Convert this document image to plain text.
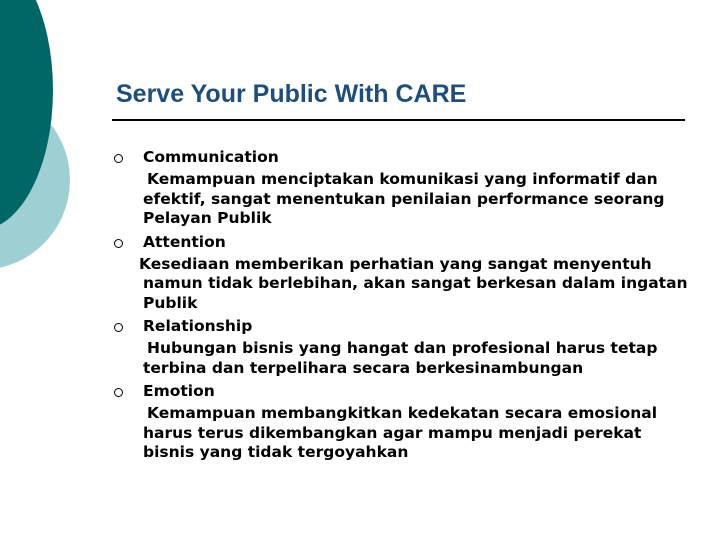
Serve Your Public With CARE
Communication
Kemampuan menciptakan komunikasi yang informatif dan efektif, sangat menentukan penilaian performance seorang Pelayan Publik
Attention
Kesediaan memberikan perhatian yang sangat menyentuh namun tidak berlebihan, akan sangat berkesan dalam ingatan Publik
Relationship
Hubungan bisnis yang hangat dan profesional harus tetap terbina dan terpelihara secara berkesinambungan
Emotion
Kemampuan membangkitkan kedekatan secara emosional harus terus dikembangkan agar mampu menjadi perekat bisnis yang tidak tergoyahkan
